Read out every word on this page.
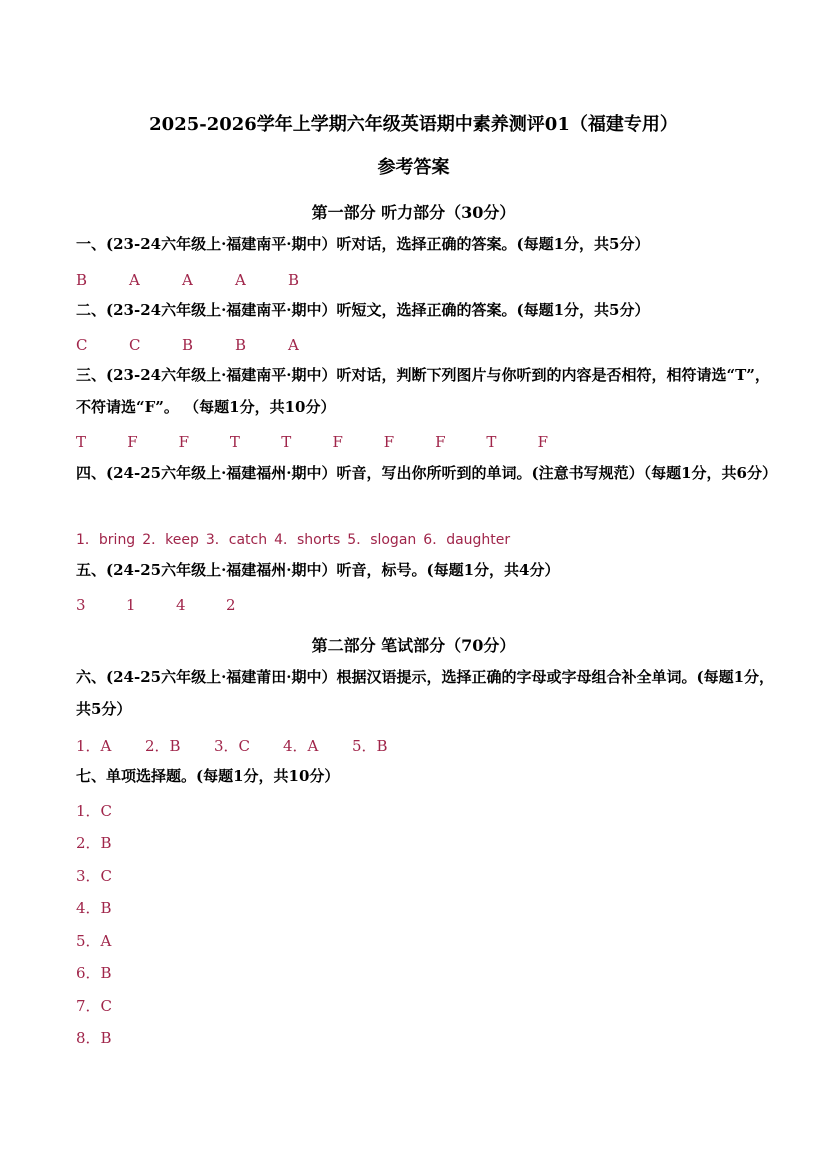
2025-2026学年上学期六年级英语期中素养测评01（福建专用）
参考答案
第一部分 听力部分（30分）
一、(23-24六年级上·福建南平·期中）听对话，选择正确的答案。(每题1分，共5分）
B	A	A	A	B
二、(23-24六年级上·福建南平·期中）听短文，选择正确的答案。(每题1分，共5分）
C	C	B	B	A
三、(23-24六年级上·福建南平·期中）听对话，判断下列图片与你听到的内容是否相符，相符请选“T”，不符请选“F”。 （每题1分，共10分）
T	F	F	T	T	F	F	F	T	F
四、(24-25六年级上·福建福州·期中）听音，写出你所听到的单词。(注意书写规范）（每题1分，共6分）
1．bring 2．keep 3．catch 4．shorts 5．slogan 6．daughter
五、(24-25六年级上·福建福州·期中）听音，标号。(每题1分，共4分）
3	1	4	2
第二部分 笔试部分（70分）
六、(24-25六年级上·福建莆田·期中）根据汉语提示，选择正确的字母或字母组合补全单词。(每题1分，共5分）
1．A 2．B 3．C 4．A 5．B
七、单项选择题。(每题1分，共10分）
1．C
2．B
3．C
4．B
5．A
6．B
7．C
8．B
